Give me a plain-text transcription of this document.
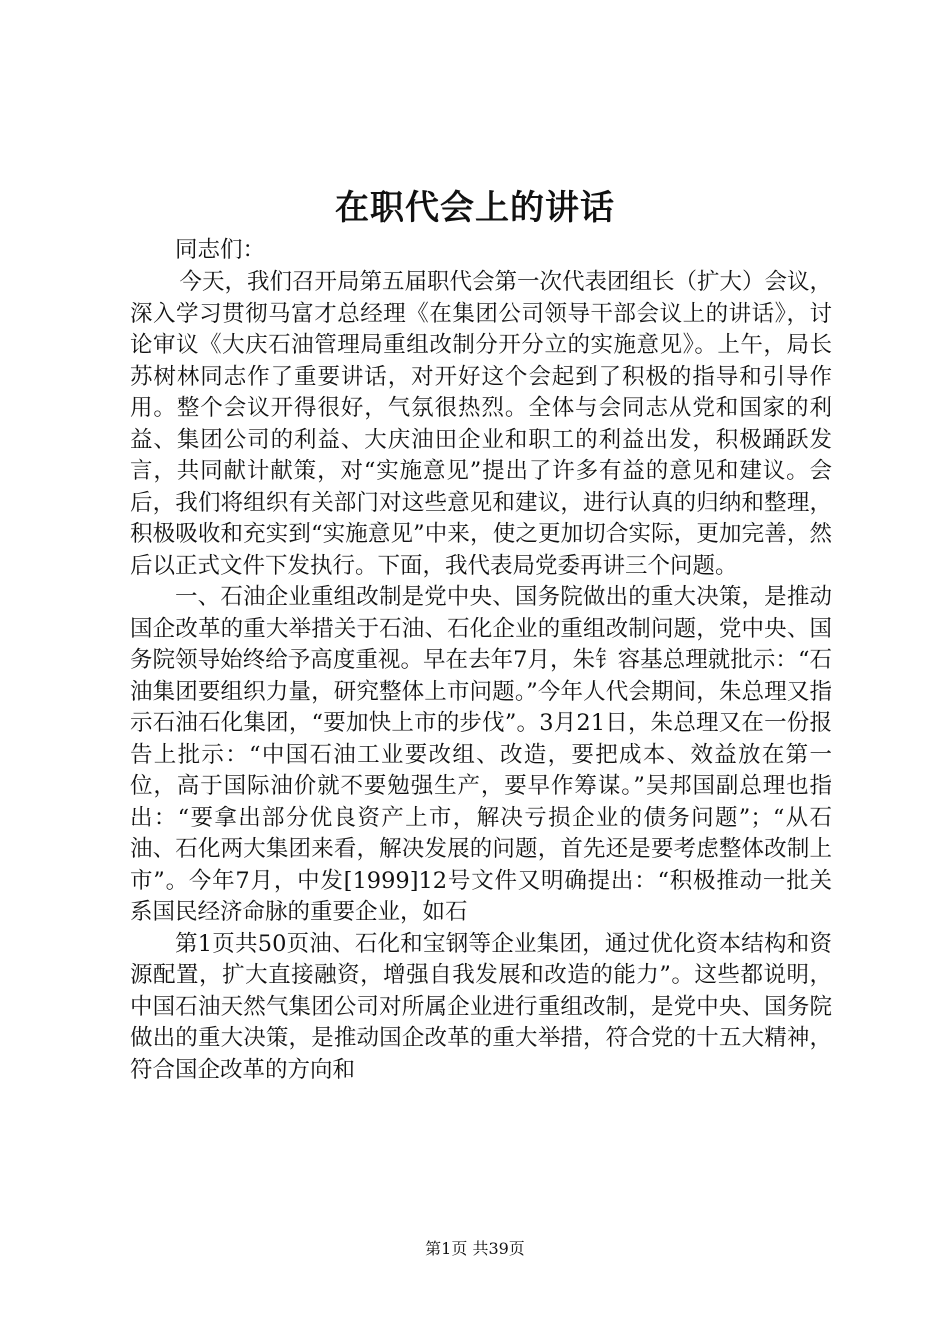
在职代会上的讲话
同志们：

今天，我们召开局第五届职代会第一次代表团组长（扩大）会议，深入学习贯彻马富才总经理《在集团公司领导干部会议上的讲话》，讨论审议《大庆石油管理局重组改制分开分立的实施意见》。上午，局长苏树林同志作了重要讲话，对开好这个会起到了积极的指导和引导作用。整个会议开得很好，气氛很热烈。全体与会同志从党和国家的利益、集团公司的利益、大庆油田企业和职工的利益出发，积极踊跃发言，共同献计献策，对“实施意见”提出了许多有益的意见和建议。会后，我们将组织有关部门对这些意见和建议，进行认真的归纳和整理，积极吸收和充实到“实施意见”中来，使之更加切合实际，更加完善，然后以正式文件下发执行。下面，我代表局党委再讲三个问题。

一、石油企业重组改制是党中央、国务院做出的重大决策，是推动国企改革的重大举措关于石油、石化企业的重组改制问题，党中央、国务院领导始终给予高度重视。早在去年7月，朱钅容基总理就批示：“石油集团要组织力量，研究整体上市问题。”今年人代会期间，朱总理又指示石油石化集团，“要加快上市的步伐”。3月21日，朱总理又在一份报告上批示：“中国石油工业要改组、改造，要把成本、效益放在第一位，高于国际油价就不要勉强生产，要早作筹谋。”吴邦国副总理也指出：“要拿出部分优良资产上市，解决亏损企业的债务问题”；“从石油、石化两大集团来看，解决发展的问题，首先还是要考虑整体改制上市”。今年7月，中发[1999]12号文件又明确提出：“积极推动一批关系国民经济命脉的重要企业，如石

第1页共50页油、石化和宝钢等企业集团，通过优化资本结构和资源配置，扩大直接融资，增强自我发展和改造的能力”。这些都说明，中国石油天然气集团公司对所属企业进行重组改制，是党中央、国务院做出的重大决策，是推动国企改革的重大举措，符合党的十五大精神，符合国企改革的方向和

第1页 共39页
